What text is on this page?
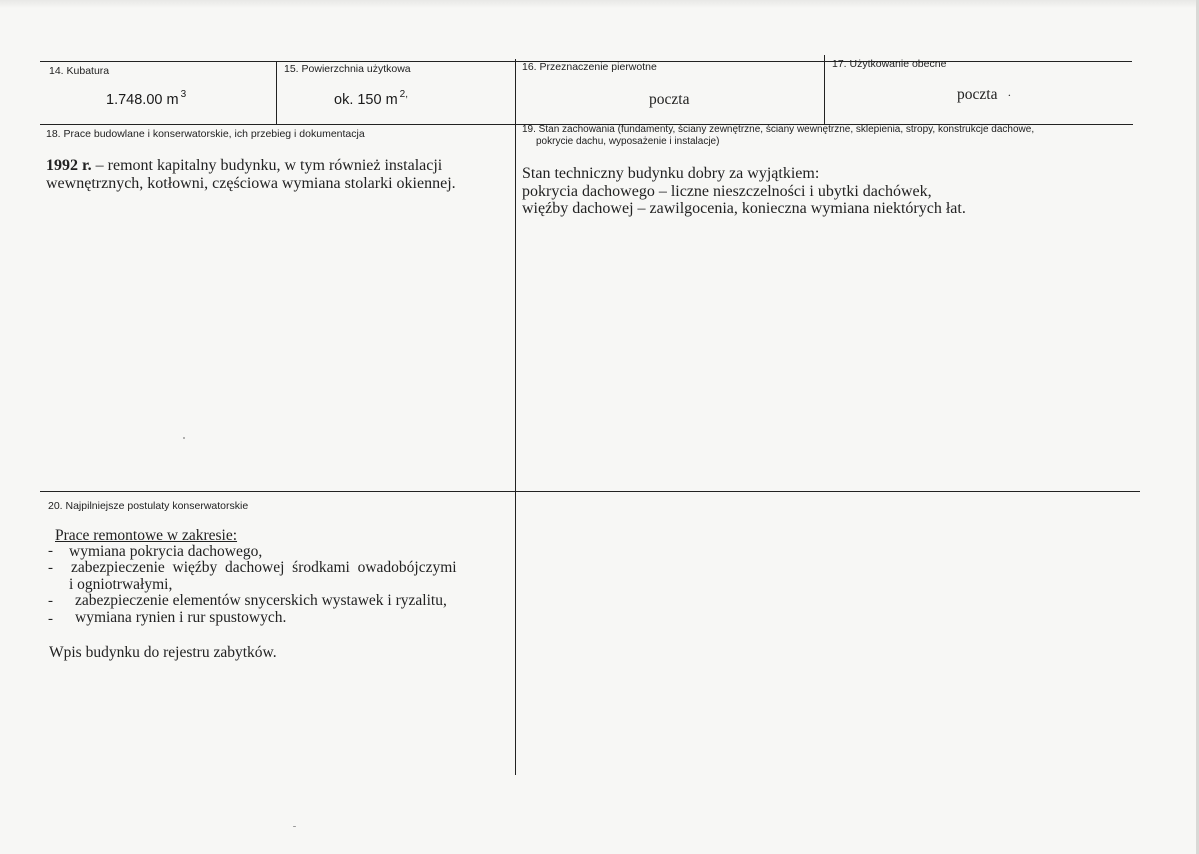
14. Kubatura
1.748.00 m $^3$
15. Powierzchnia użytkowa
ok. 150 m $^{2,}$
16. Przeznaczenie pierwotne
poczta
17. Użytkowanie obecne
poczta ·
18. Prace budowlane i konserwatorskie, ich przebieg i dokumentacja
1992 r. – remont kapitalny budynku, w tym również instalacji
wewnętrznych, kotłowni, częściowa wymiana stolarki okiennej.
19. Stan zachowania (fundamenty, ściany zewnętrzne, ściany wewnętrzne, sklepienia, stropy, konstrukcje dachowe,
pokrycie dachu, wyposażenie i instalacje)
Stan techniczny budynku dobry za wyjątkiem:
pokrycia dachowego – liczne nieszczelności i ubytki dachówek,
więźby dachowej – zawilgocenia, konieczna wymiana niektórych łat.
20. Najpilniejsze postulaty konserwatorskie
Prace remontowe w zakresie:
- wymiana pokrycia dachowego,
- zabezpieczenie  więźby  dachowej  środkami  owadobójczymi
i ogniotrwałymi,
- zabezpieczenie elementów snycerskich wystawek i ryzalitu,
- wymiana rynien i rur spustowych.
Wpis budynku do rejestru zabytków.
